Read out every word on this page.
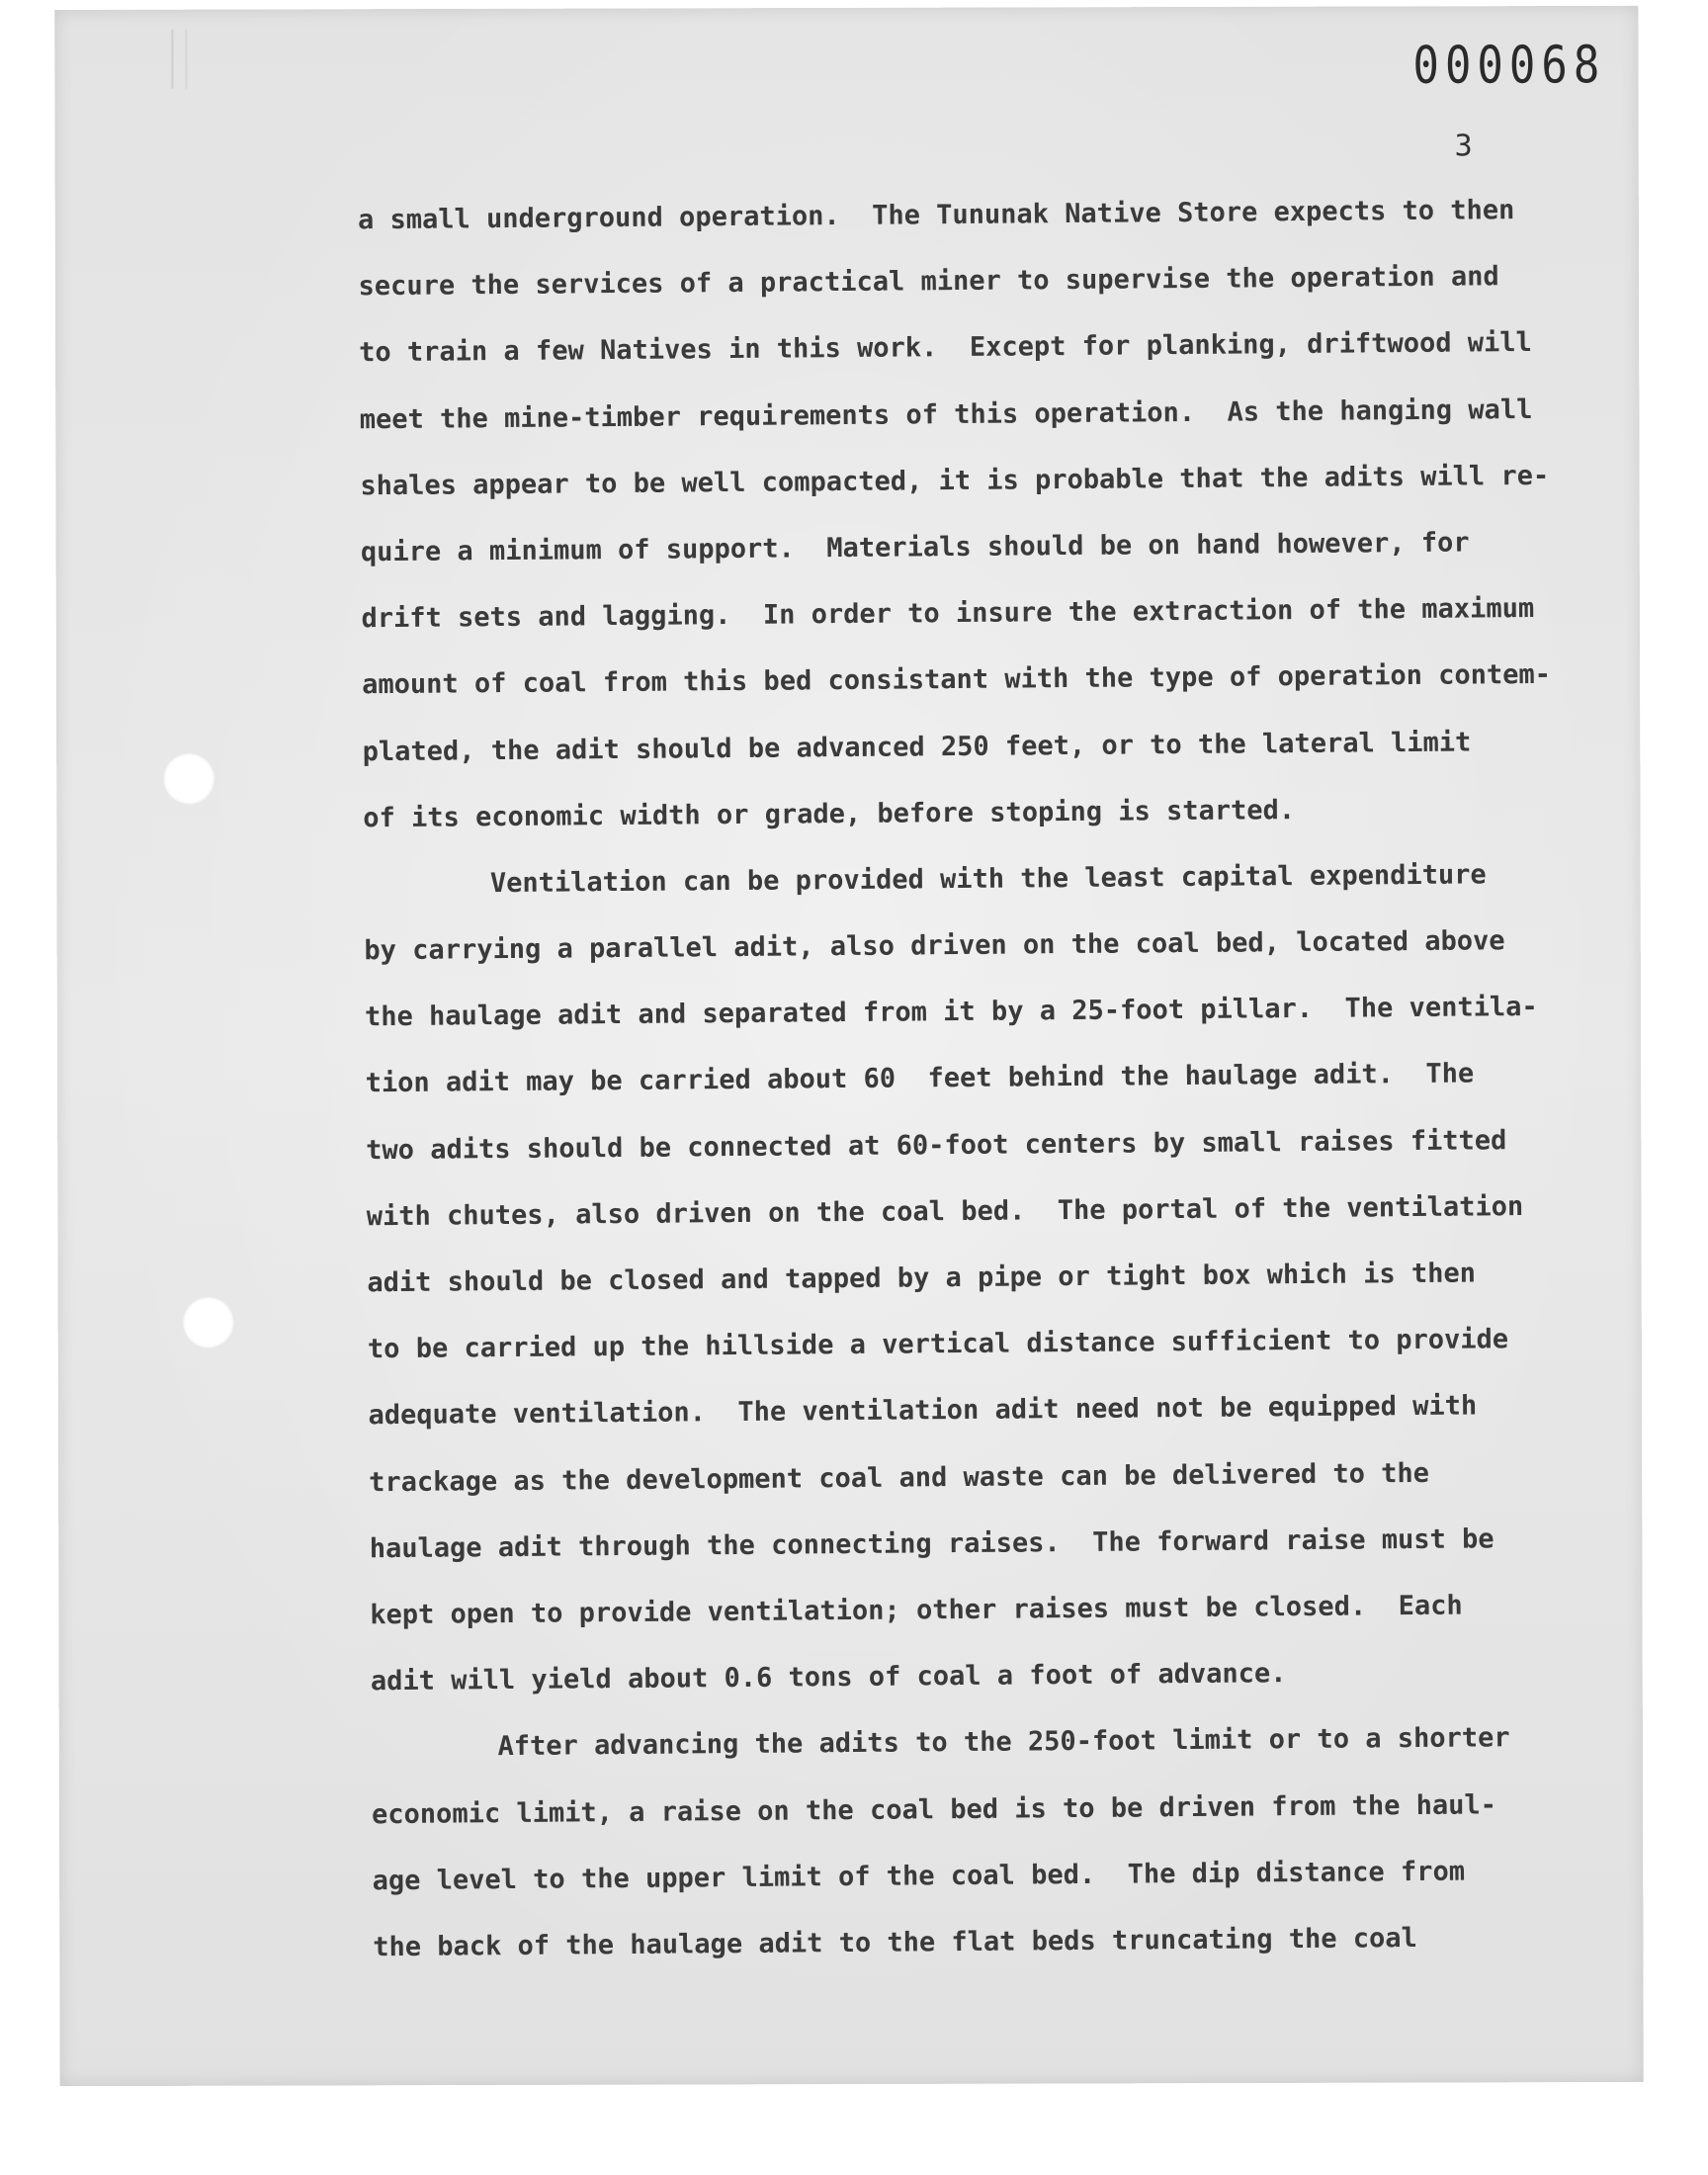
000068
3
a small underground operation.  The Tununak Native Store expects to then
secure the services of a practical miner to supervise the operation and
to train a few Natives in this work.  Except for planking, driftwood will
meet the mine-timber requirements of this operation.  As the hanging wall
shales appear to be well compacted, it is probable that the adits will re-
quire a minimum of support.  Materials should be on hand however, for
drift sets and lagging.  In order to insure the extraction of the maximum
amount of coal from this bed consistant with the type of operation contem-
plated, the adit should be advanced 250 feet, or to the lateral limit
of its economic width or grade, before stoping is started.
Ventilation can be provided with the least capital expenditure
by carrying a parallel adit, also driven on the coal bed, located above
the haulage adit and separated from it by a 25-foot pillar.  The ventila-
tion adit may be carried about 60  feet behind the haulage adit.  The
two adits should be connected at 60-foot centers by small raises fitted
with chutes, also driven on the coal bed.  The portal of the ventilation
adit should be closed and tapped by a pipe or tight box which is then
to be carried up the hillside a vertical distance sufficient to provide
adequate ventilation.  The ventilation adit need not be equipped with
trackage as the development coal and waste can be delivered to the
haulage adit through the connecting raises.  The forward raise must be
kept open to provide ventilation; other raises must be closed.  Each
adit will yield about 0.6 tons of coal a foot of advance.
After advancing the adits to the 250-foot limit or to a shorter
economic limit, a raise on the coal bed is to be driven from the haul-
age level to the upper limit of the coal bed.  The dip distance from
the back of the haulage adit to the flat beds truncating the coal
